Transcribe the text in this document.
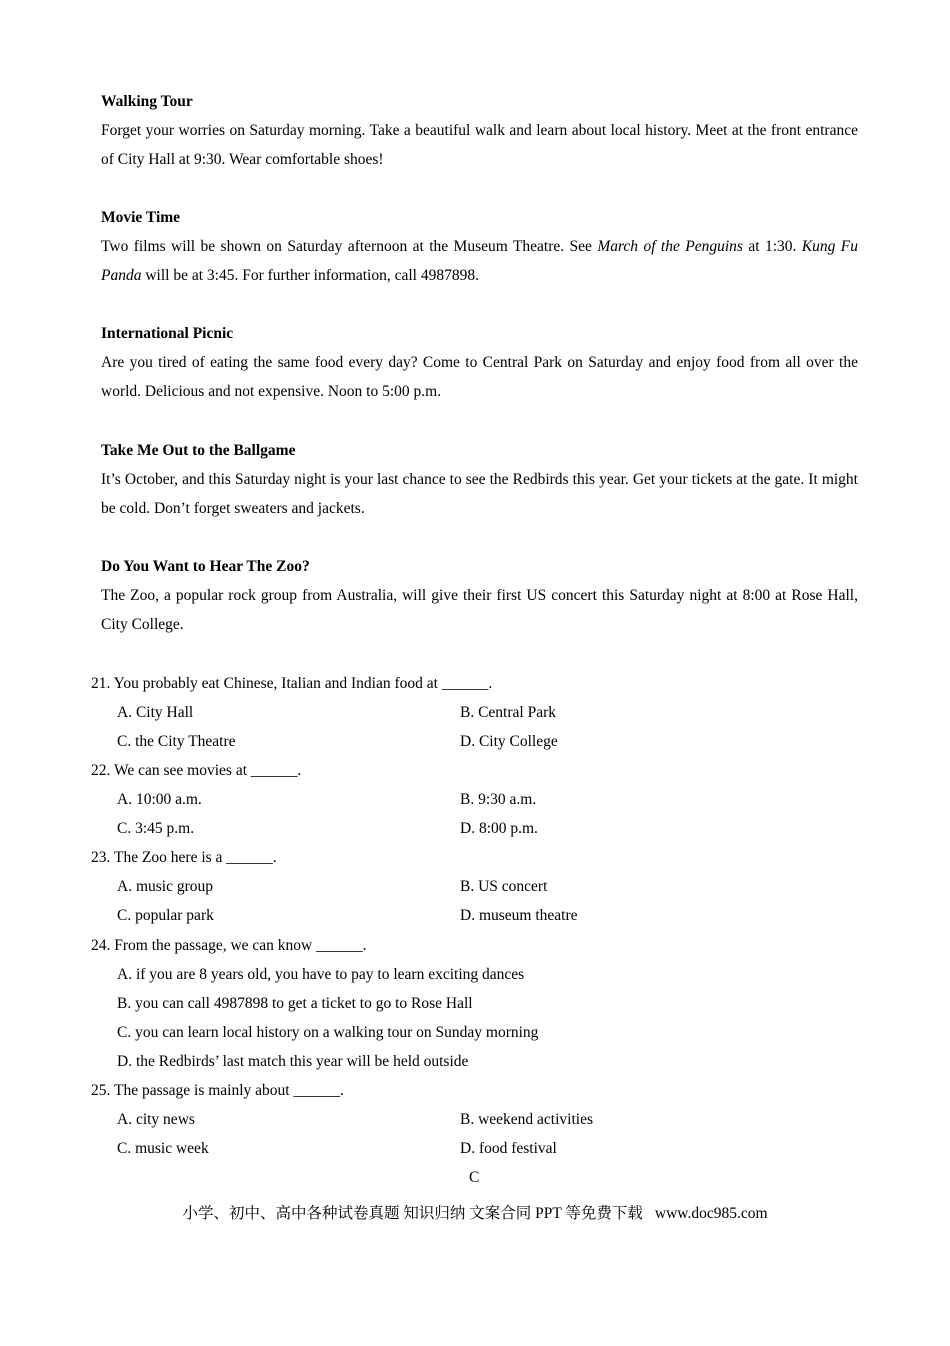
Walking Tour

Forget your worries on Saturday morning. Take a beautiful walk and learn about local history. Meet at the front entrance of City Hall at 9:30. Wear comfortable shoes!

Movie Time

Two films will be shown on Saturday afternoon at the Museum Theatre. See March of the Penguins at 1:30. Kung Fu Panda will be at 3:45. For further information, call 4987898.

International Picnic

Are you tired of eating the same food every day? Come to Central Park on Saturday and enjoy food from all over the world. Delicious and not expensive. Noon to 5:00 p.m.

Take Me Out to the Ballgame

It’s October, and this Saturday night is your last chance to see the Redbirds this year. Get your tickets at the gate. It might be cold. Don’t forget sweaters and jackets.

Do You Want to Hear The Zoo?

The Zoo, a popular rock group from Australia, will give their first US concert this Saturday night at 8:00 at Rose Hall, City College.

21. You probably eat Chinese, Italian and Indian food at ______.
A. City Hall	B. Central Park
C. the City Theatre	D. City College
22. We can see movies at ______.
A. 10:00 a.m.	B. 9:30 a.m.
C. 3:45 p.m.	D. 8:00 p.m.
23. The Zoo here is a ______.
A. music group	B. US concert
C. popular park	D. museum theatre
24. From the passage, we can know ______.
A. if you are 8 years old, you have to pay to learn exciting dances
B. you can call 4987898 to get a ticket to go to Rose Hall
C. you can learn local history on a walking tour on Sunday morning
D. the Redbirds’ last match this year will be held outside
25. The passage is mainly about ______.
A. city news	B. weekend activities
C. music week	D. food festival
C
小学、初中、高中各种试卷真题 知识归纳 文案合同 PPT 等免费下载 www.doc985.com
